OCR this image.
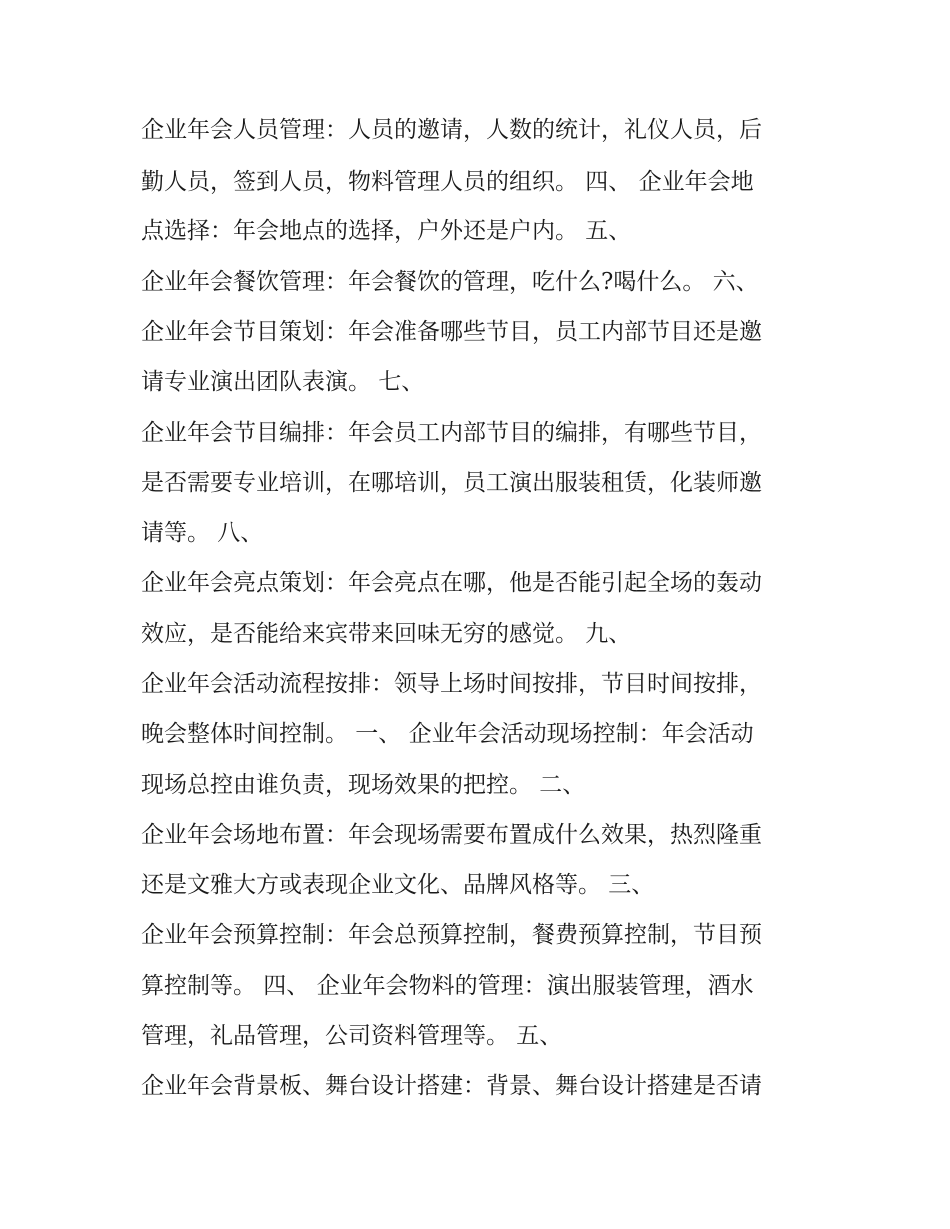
企业年会人员管理：人员的邀请，人数的统计，礼仪人员，后
勤人员，签到人员，物料管理人员的组织。 四、 企业年会地
点选择：年会地点的选择，户外还是户内。 五、
企业年会餐饮管理：年会餐饮的管理，吃什么?喝什么。 六、
企业年会节目策划：年会准备哪些节目，员工内部节目还是邀
请专业演出团队表演。 七、
企业年会节目编排：年会员工内部节目的编排，有哪些节目，
是否需要专业培训，在哪培训，员工演出服装租赁，化装师邀
请等。 八、
企业年会亮点策划：年会亮点在哪，他是否能引起全场的轰动
效应，是否能给来宾带来回味无穷的感觉。 九、
企业年会活动流程按排：领导上场时间按排，节目时间按排，
晚会整体时间控制。 一、 企业年会活动现场控制：年会活动
现场总控由谁负责，现场效果的把控。 二、
企业年会场地布置：年会现场需要布置成什么效果，热烈隆重
还是文雅大方或表现企业文化、品牌风格等。 三、
企业年会预算控制：年会总预算控制，餐费预算控制，节目预
算控制等。 四、 企业年会物料的管理：演出服装管理，酒水
管理，礼品管理，公司资料管理等。 五、
企业年会背景板、舞台设计搭建：背景、舞台设计搭建是否请
